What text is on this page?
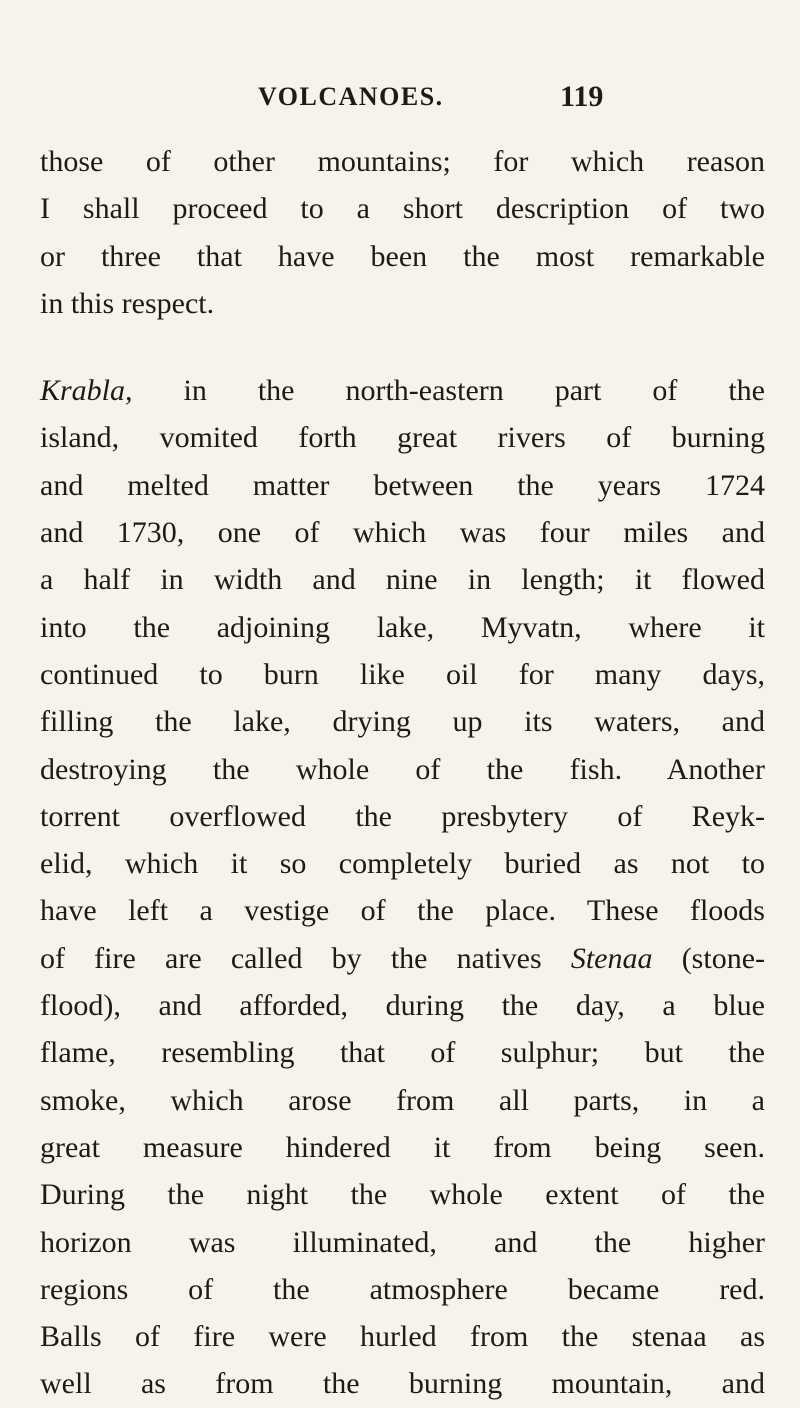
VOLCANOES.	119
those of other mountains; for which reason
I shall proceed to a short description of two
or three that have been the most remarkable
in this respect.
Krabla, in the north-eastern part of the
island, vomited forth great rivers of burning
and melted matter between the years 1724
and 1730, one of which was four miles and
a half in width and nine in length; it flowed
into the adjoining lake, Myvatn, where it
continued to burn like oil for many days,
filling the lake, drying up its waters, and
destroying the whole of the fish. Another
torrent overflowed the presbytery of Reyk-
elid, which it so completely buried as not to
have left a vestige of the place. These floods
of fire are called by the natives Stenaa (stone-
flood), and afforded, during the day, a blue
flame, resembling that of sulphur; but the
smoke, which arose from all parts, in a
great measure hindered it from being seen.
During the night the whole extent of the
horizon was illuminated, and the higher
regions of the atmosphere became red.
Balls of fire were hurled from the stenaa as
well as from the burning mountain, and
